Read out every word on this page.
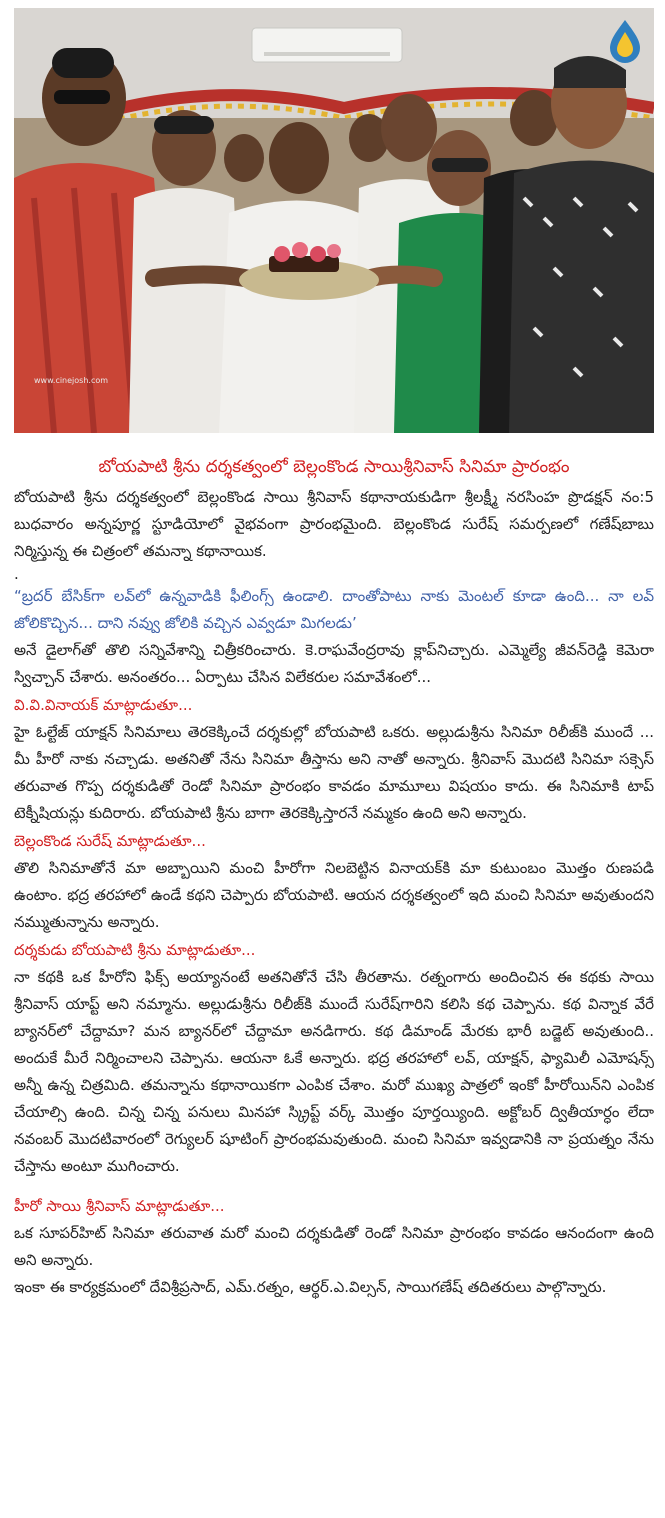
www.cinejosh.com

బోయపాటి శ్రీను దర్శకత్వంలో బెల్లంకొండ సాయిశ్రీనివాస్ సినిమా ప్రారంభం

బోయపాటి శ్రీను దర్శకత్వంలో బెల్లంకొండ సాయి శ్రీనివాస్ కథానాయకుడిగా శ్రీలక్ష్మీ నరసింహ ప్రొడక్షన్ నం:5 బుధవారం అన్నపూర్ణ స్టూడియోలో వైభవంగా ప్రారంభమైంది. బెల్లంకొండ సురేష్ సమర్పణలో గణేష్‌బాబు నిర్మిస్తున్న ఈ చిత్రంలో తమన్నా కథానాయిక.

.

“బ్రదర్ బేసిక్‌గా లవ్‌లో ఉన్నవాడికి ఫీలింగ్స్ ఉండాలి. దాంతోపాటు నాకు మెంటల్ కూడా ఉంది... నా లవ్ జోలికొచ్చిన... దాని నవ్వు జోలికి వచ్చిన ఎవ్వడూ మిగలడు’

అనే డైలాగ్‌తో తొలి సన్నివేశాన్ని చిత్రీకరించారు. కె.రాఘవేంద్రరావు క్లాప్‌నిచ్చారు. ఎమ్మెల్యే జీవన్‌రెడ్డి కెమెరా స్విచ్చాన్ చేశారు. అనంతరం... ఏర్పాటు చేసిన విలేకరుల సమావేశంలో...

వి.వి.వినాయక్ మాట్లాడుతూ...

హై ఓల్టేజ్ యాక్షన్ సినిమాలు తెరకెక్కించే దర్శకుల్లో బోయపాటి ఒకరు. అల్లుడుశ్రీను సినిమా రిలీజ్‌కి ముందే ... మీ హీరో నాకు నచ్చాడు. అతనితో నేను సినిమా తీస్తాను అని నాతో అన్నారు. శ్రీనివాస్ మొదటి సినిమా సక్సెస్ తరువాత గొప్ప దర్శకుడితో రెండో సినిమా ప్రారంభం కావడం మామూలు విషయం కాదు. ఈ సినిమాకి టాప్ టెక్నీషియన్లు కుదిరారు. బోయపాటి శ్రీను బాగా తెరకెక్కిస్తారనే నమ్మకం ఉంది అని అన్నారు.

బెల్లంకొండ సురేష్ మాట్లాడుతూ...

తొలి సినిమాతోనే మా అబ్బాయిని మంచి హీరోగా నిలబెట్టిన వినాయక్‌కి మా కుటుంబం మొత్తం రుణపడి ఉంటాం. భద్ర తరహాలో ఉండే కథని చెప్పారు బోయపాటి. ఆయన దర్శకత్వంలో ఇది మంచి సినిమా అవుతుందని నమ్ముతున్నాను అన్నారు.

దర్శకుడు బోయపాటి శ్రీను మాట్లాడుతూ...

నా కథకి ఒక హీరోని ఫిక్స్ అయ్యానంటే అతనితోనే చేసి తీరతాను. రత్నంగారు అందించిన ఈ కథకు సాయి శ్రీనివాస్ యాప్ట్ అని నమ్మాను. అల్లుడుశ్రీను రిలీజ్‌కి ముందే సురేష్‌గారిని కలిసి కథ చెప్పాను. కథ విన్నాక వేరే బ్యానర్‌లో చేద్దామా? మన బ్యానర్‌లో చేద్దామా అనడిగారు. కథ డిమాండ్ మేరకు భారీ బడ్జెట్ అవుతుంది.. అందుకే మీరే నిర్మించాలని చెప్పాను. ఆయనా ఓకే అన్నారు. భద్ర తరహాలో లవ్, యాక్షన్, ఫ్యామిలీ ఎమోషన్స్ అన్నీ ఉన్న చిత్రమిది. తమన్నాను కథానాయికగా ఎంపిక చేశాం. మరో ముఖ్య పాత్రలో ఇంకో హీరోయిన్‌ని ఎంపిక చేయాల్సి ఉంది. చిన్న చిన్న పనులు మినహా స్క్రిప్ట్ వర్క్ మొత్తం పూర్తయ్యింది. అక్టోబర్ ద్వితీయార్ధం లేదా నవంబర్ మొదటివారంలో రెగ్యులర్ షూటింగ్ ప్రారంభమవుతుంది. మంచి సినిమా ఇవ్వడానికి నా ప్రయత్నం నేను చేస్తాను అంటూ ముగించారు.

హీరో సాయి శ్రీనివాస్ మాట్లాడుతూ...

ఒక సూపర్‌హిట్ సినిమా తరువాత మరో మంచి దర్శకుడితో రెండో సినిమా ప్రారంభం కావడం ఆనందంగా ఉంది అని అన్నారు.

ఇంకా ఈ కార్యక్రమంలో దేవిశ్రీప్రసాద్, ఎమ్.రత్నం, ఆర్థర్.ఎ.విల్సన్, సాయిగణేష్ తదితరులు పాల్గొన్నారు.
